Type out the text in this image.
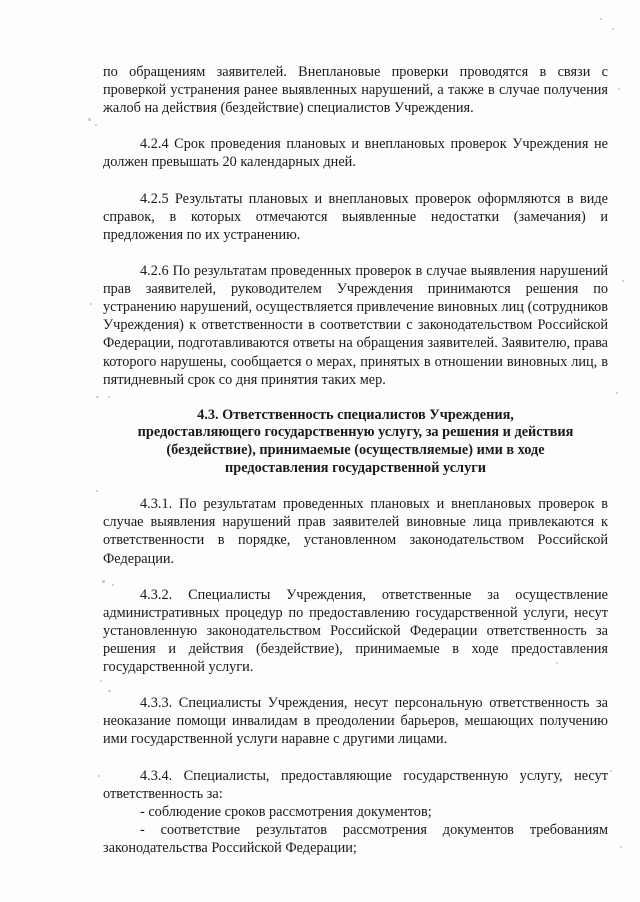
по обращениям заявителей. Внеплановые проверки проводятся в связи с проверкой устранения ранее выявленных нарушений, а также в случае получения жалоб на действия (бездействие) специалистов Учреждения.

4.2.4 Срок проведения плановых и внеплановых проверок Учреждения не должен превышать 20 календарных дней.

4.2.5 Результаты плановых и внеплановых проверок оформляются в виде справок, в которых отмечаются выявленные недостатки (замечания) и предложения по их устранению.

4.2.6 По результатам проведенных проверок в случае выявления нарушений прав заявителей, руководителем Учреждения принимаются решения по устранению нарушений, осуществляется привлечение виновных лиц (сотрудников Учреждения) к ответственности в соответствии с законодательством Российской Федерации, подготавливаются ответы на обращения заявителей. Заявителю, права которого нарушены, сообщается о мерах, принятых в отношении виновных лиц, в пятидневный срок со дня принятия таких мер.

4.3. Ответственность специалистов Учреждения,
предоставляющего государственную услугу, за решения и действия
(бездействие), принимаемые (осуществляемые) ими в ходе
предоставления государственной услуги

4.3.1. По результатам проведенных плановых и внеплановых проверок в случае выявления нарушений прав заявителей виновные лица привлекаются к ответственности в порядке, установленном законодательством Российской Федерации.

4.3.2. Специалисты Учреждения, ответственные за осуществление административных процедур по предоставлению государственной услуги, несут установленную законодательством Российской Федерации ответственность за решения и действия (бездействие), принимаемые в ходе предоставления государственной услуги.

4.3.3. Специалисты Учреждения, несут персональную ответственность за неоказание помощи инвалидам в преодолении барьеров, мешающих получению ими государственной услуги наравне с другими лицами.

4.3.4. Специалисты, предоставляющие государственную услугу, несут ответственность за:

- соблюдение сроков рассмотрения документов;

- соответствие результатов рассмотрения документов требованиям законодательства Российской Федерации;
